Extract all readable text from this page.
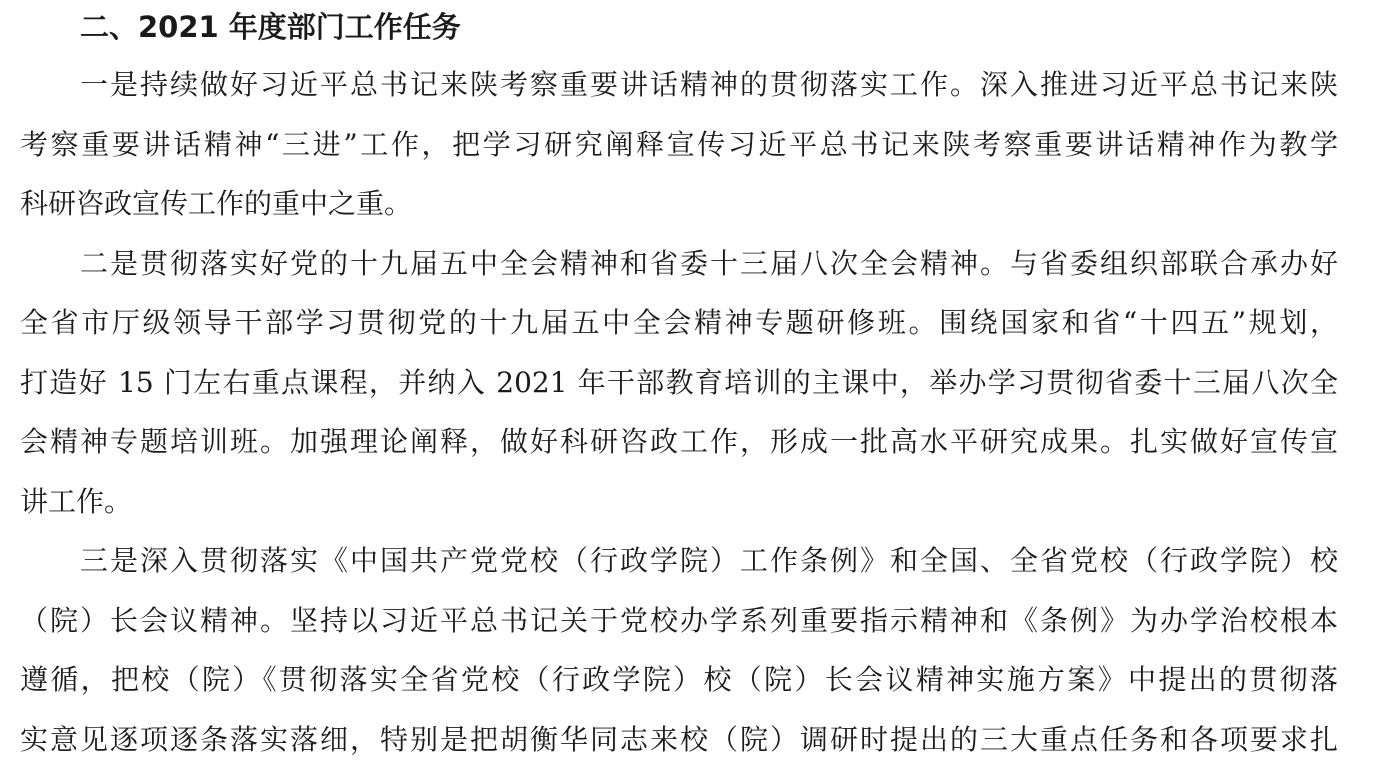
二、2021 年度部门工作任务

一是持续做好习近平总书记来陕考察重要讲话精神的贯彻落实工作。深入推进习近平总书记来陕

考察重要讲话精神“三进”工作，把学习研究阐释宣传习近平总书记来陕考察重要讲话精神作为教学

科研咨政宣传工作的重中之重。

二是贯彻落实好党的十九届五中全会精神和省委十三届八次全会精神。与省委组织部联合承办好

全省市厅级领导干部学习贯彻党的十九届五中全会精神专题研修班。围绕国家和省“十四五”规划，

打造好 15 门左右重点课程，并纳入 2021 年干部教育培训的主课中，举办学习贯彻省委十三届八次全

会精神专题培训班。加强理论阐释，做好科研咨政工作，形成一批高水平研究成果。扎实做好宣传宣

讲工作。

三是深入贯彻落实《中国共产党党校（行政学院）工作条例》和全国、全省党校（行政学院）校

（院）长会议精神。坚持以习近平总书记关于党校办学系列重要指示精神和《条例》为办学治校根本

遵循，把校（院）《贯彻落实全省党校（行政学院）校（院）长会议精神实施方案》中提出的贯彻落

实意见逐项逐条落实落细，特别是把胡衡华同志来校（院）调研时提出的三大重点任务和各项要求扎
